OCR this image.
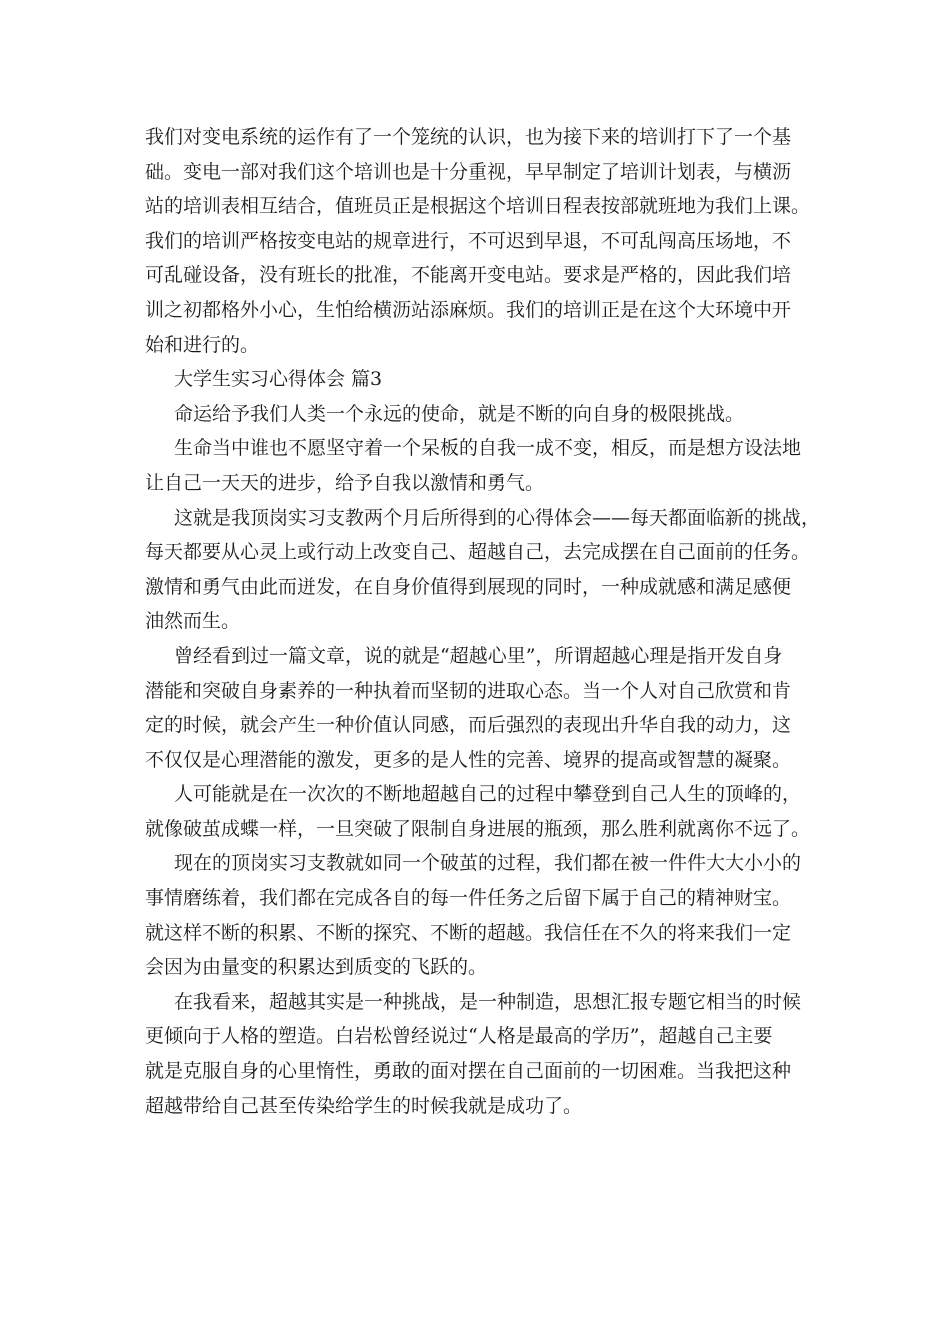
我们对变电系统的运作有了一个笼统的认识，也为接下来的培训打下了一个基
础。变电一部对我们这个培训也是十分重视，早早制定了培训计划表，与横沥
站的培训表相互结合，值班员正是根据这个培训日程表按部就班地为我们上课。
我们的培训严格按变电站的规章进行，不可迟到早退，不可乱闯高压场地，不
可乱碰设备，没有班长的批准，不能离开变电站。要求是严格的，因此我们培
训之初都格外小心，生怕给横沥站添麻烦。我们的培训正是在这个大环境中开
始和进行的。
大学生实习心得体会 篇3
命运给予我们人类一个永远的使命，就是不断的向自身的极限挑战。
生命当中谁也不愿坚守着一个呆板的自我一成不变，相反，而是想方设法地
让自己一天天的进步，给予自我以激情和勇气。
这就是我顶岗实习支教两个月后所得到的心得体会——每天都面临新的挑战，
每天都要从心灵上或行动上改变自己、超越自己，去完成摆在自己面前的任务。
激情和勇气由此而迸发，在自身价值得到展现的同时，一种成就感和满足感便
油然而生。
曾经看到过一篇文章，说的就是“超越心里”，所谓超越心理是指开发自身
潜能和突破自身素养的一种执着而坚韧的进取心态。当一个人对自己欣赏和肯
定的时候，就会产生一种价值认同感，而后强烈的表现出升华自我的动力，这
不仅仅是心理潜能的激发，更多的是人性的完善、境界的提高或智慧的凝聚。
人可能就是在一次次的不断地超越自己的过程中攀登到自己人生的顶峰的，
就像破茧成蝶一样，一旦突破了限制自身进展的瓶颈，那么胜利就离你不远了。
现在的顶岗实习支教就如同一个破茧的过程，我们都在被一件件大大小小的
事情磨练着，我们都在完成各自的每一件任务之后留下属于自己的精神财宝。
就这样不断的积累、不断的探究、不断的超越。我信任在不久的将来我们一定
会因为由量变的积累达到质变的飞跃的。
在我看来，超越其实是一种挑战，是一种制造，思想汇报专题它相当的时候
更倾向于人格的塑造。白岩松曾经说过“人格是最高的学历”，超越自己主要
就是克服自身的心里惰性，勇敢的面对摆在自己面前的一切困难。当我把这种
超越带给自己甚至传染给学生的时候我就是成功了。
